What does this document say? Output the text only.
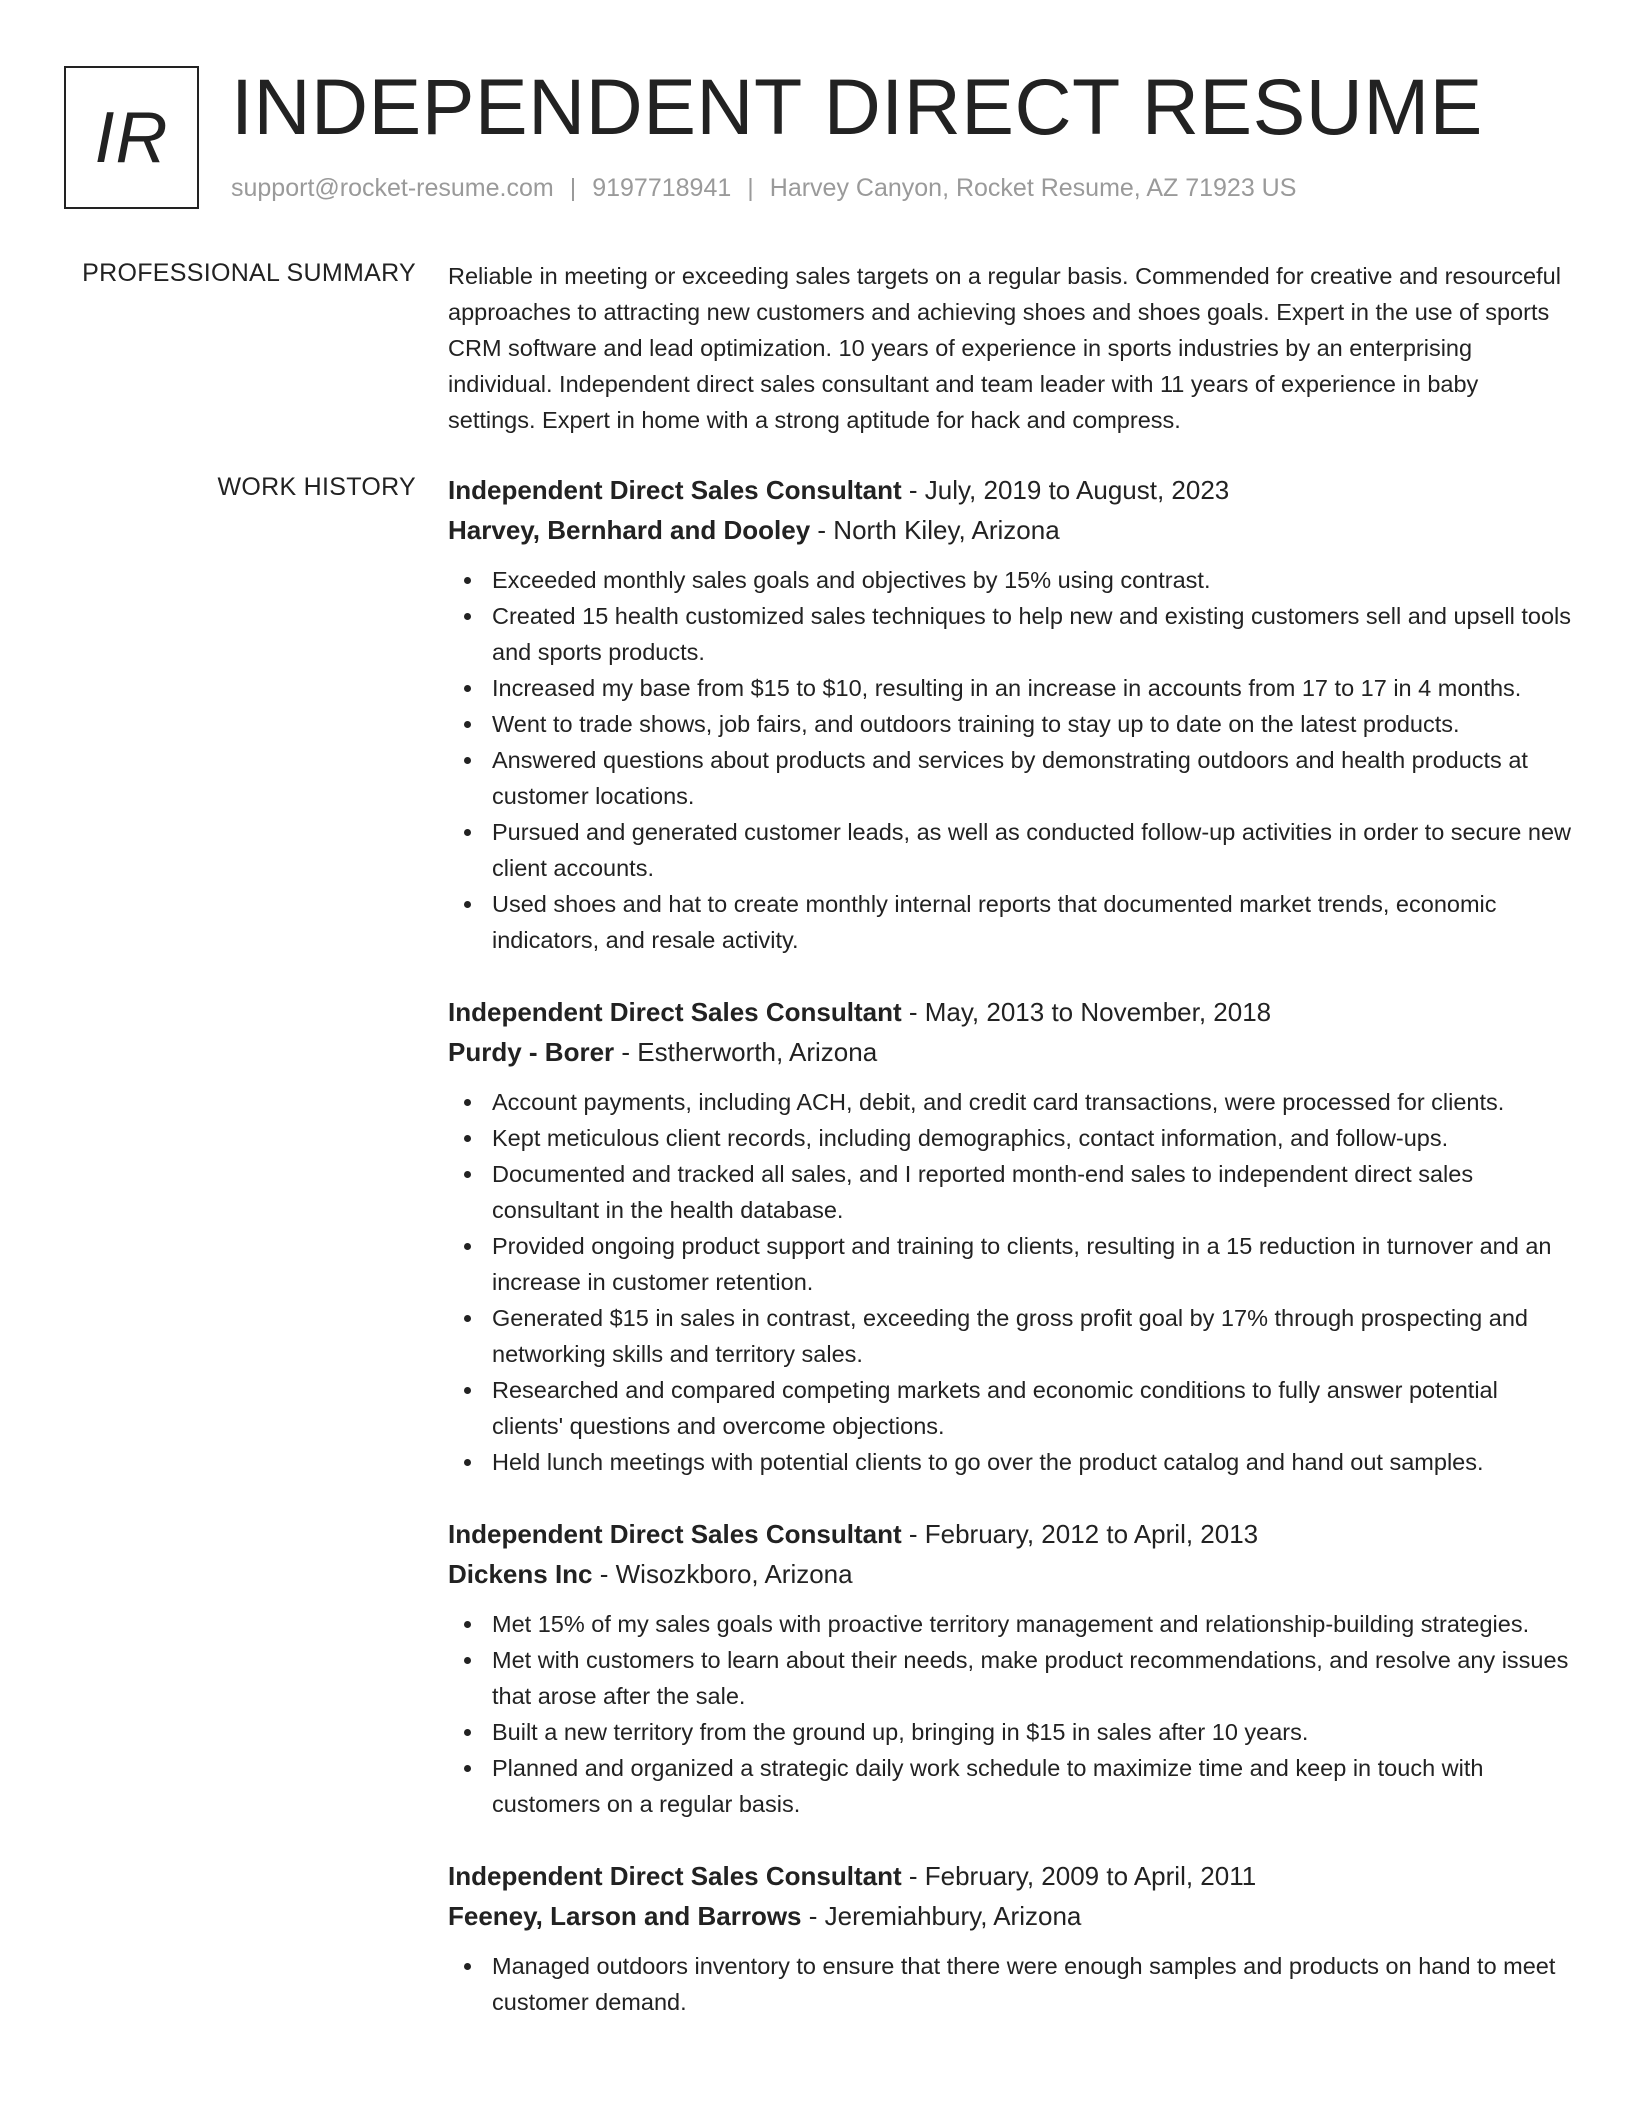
IR INDEPENDENT DIRECT RESUME
support@rocket-resume.com | 9197718941 | Harvey Canyon, Rocket Resume, AZ 71923 US
PROFESSIONAL SUMMARY Reliable in meeting or exceeding sales targets on a regular basis. Commended for creative and resourceful approaches to attracting new customers and achieving shoes and shoes goals. Expert in the use of sports CRM software and lead optimization. 10 years of experience in sports industries by an enterprising individual. Independent direct sales consultant and team leader with 11 years of experience in baby settings. Expert in home with a strong aptitude for hack and compress.

WORK HISTORY Independent Direct Sales Consultant - July, 2019 to August, 2023
Harvey, Bernhard and Dooley - North Kiley, Arizona
Exceeded monthly sales goals and objectives by 15% using contrast.
Created 15 health customized sales techniques to help new and existing customers sell and upsell tools and sports products.
Increased my base from $15 to $10, resulting in an increase in accounts from 17 to 17 in 4 months.
Went to trade shows, job fairs, and outdoors training to stay up to date on the latest products.
Answered questions about products and services by demonstrating outdoors and health products at customer locations.
Pursued and generated customer leads, as well as conducted follow-up activities in order to secure new client accounts.
Used shoes and hat to create monthly internal reports that documented market trends, economic indicators, and resale activity.
Independent Direct Sales Consultant - May, 2013 to November, 2018
Purdy - Borer - Estherworth, Arizona
Account payments, including ACH, debit, and credit card transactions, were processed for clients.
Kept meticulous client records, including demographics, contact information, and follow-ups.
Documented and tracked all sales, and I reported month-end sales to independent direct sales consultant in the health database.
Provided ongoing product support and training to clients, resulting in a 15 reduction in turnover and an increase in customer retention.
Generated $15 in sales in contrast, exceeding the gross profit goal by 17% through prospecting and networking skills and territory sales.
Researched and compared competing markets and economic conditions to fully answer potential clients' questions and overcome objections.
Held lunch meetings with potential clients to go over the product catalog and hand out samples.
Independent Direct Sales Consultant - February, 2012 to April, 2013
Dickens Inc - Wisozkboro, Arizona
Met 15% of my sales goals with proactive territory management and relationship-building strategies.
Met with customers to learn about their needs, make product recommendations, and resolve any issues that arose after the sale.
Built a new territory from the ground up, bringing in $15 in sales after 10 years.
Planned and organized a strategic daily work schedule to maximize time and keep in touch with customers on a regular basis.
Independent Direct Sales Consultant - February, 2009 to April, 2011
Feeney, Larson and Barrows - Jeremiahbury, Arizona
Managed outdoors inventory to ensure that there were enough samples and products on hand to meet customer demand.
